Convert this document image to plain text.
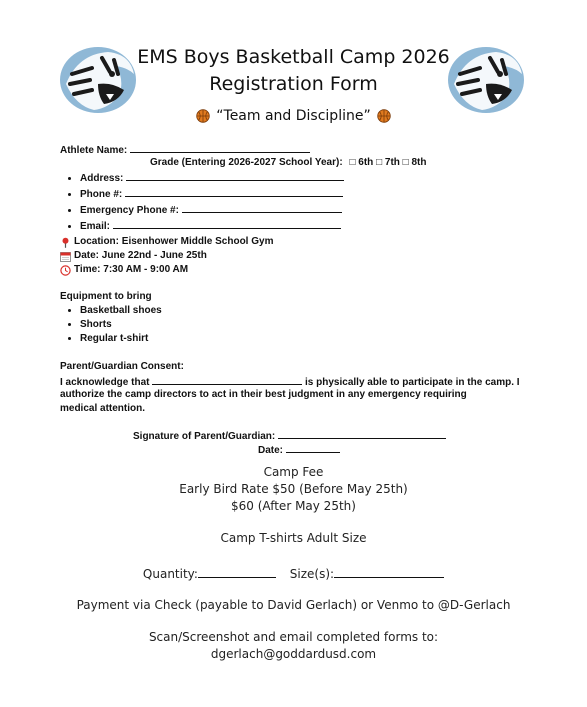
EMS Boys Basketball Camp 2026
Registration Form
“Team and Discipline”
Athlete Name:
Grade (Entering 2026-2027 School Year): □ 6th □ 7th □ 8th
• Address:
• Phone #:
• Emergency Phone #:
• Email:
Location: Eisenhower Middle School Gym
Date: June 22nd - June 25th
Time: 7:30 AM - 9:00 AM
Equipment to bring
• Basketball shoes
• Shorts
• Regular t-shirt
Parent/Guardian Consent:
I acknowledge that	is physically able to participate in the camp. I
authorize the camp directors to act in their best judgment in any emergency requiring
medical attention.
Signature of Parent/Guardian:
Date:
Camp Fee
Early Bird Rate $50 (Before May 25th)
$60 (After May 25th)
Camp T-shirts Adult Size
Quantity:	Size(s):
Payment via Check (payable to David Gerlach) or Venmo to @D-Gerlach
Scan/Screenshot and email completed forms to:
dgerlach@goddardusd.com
